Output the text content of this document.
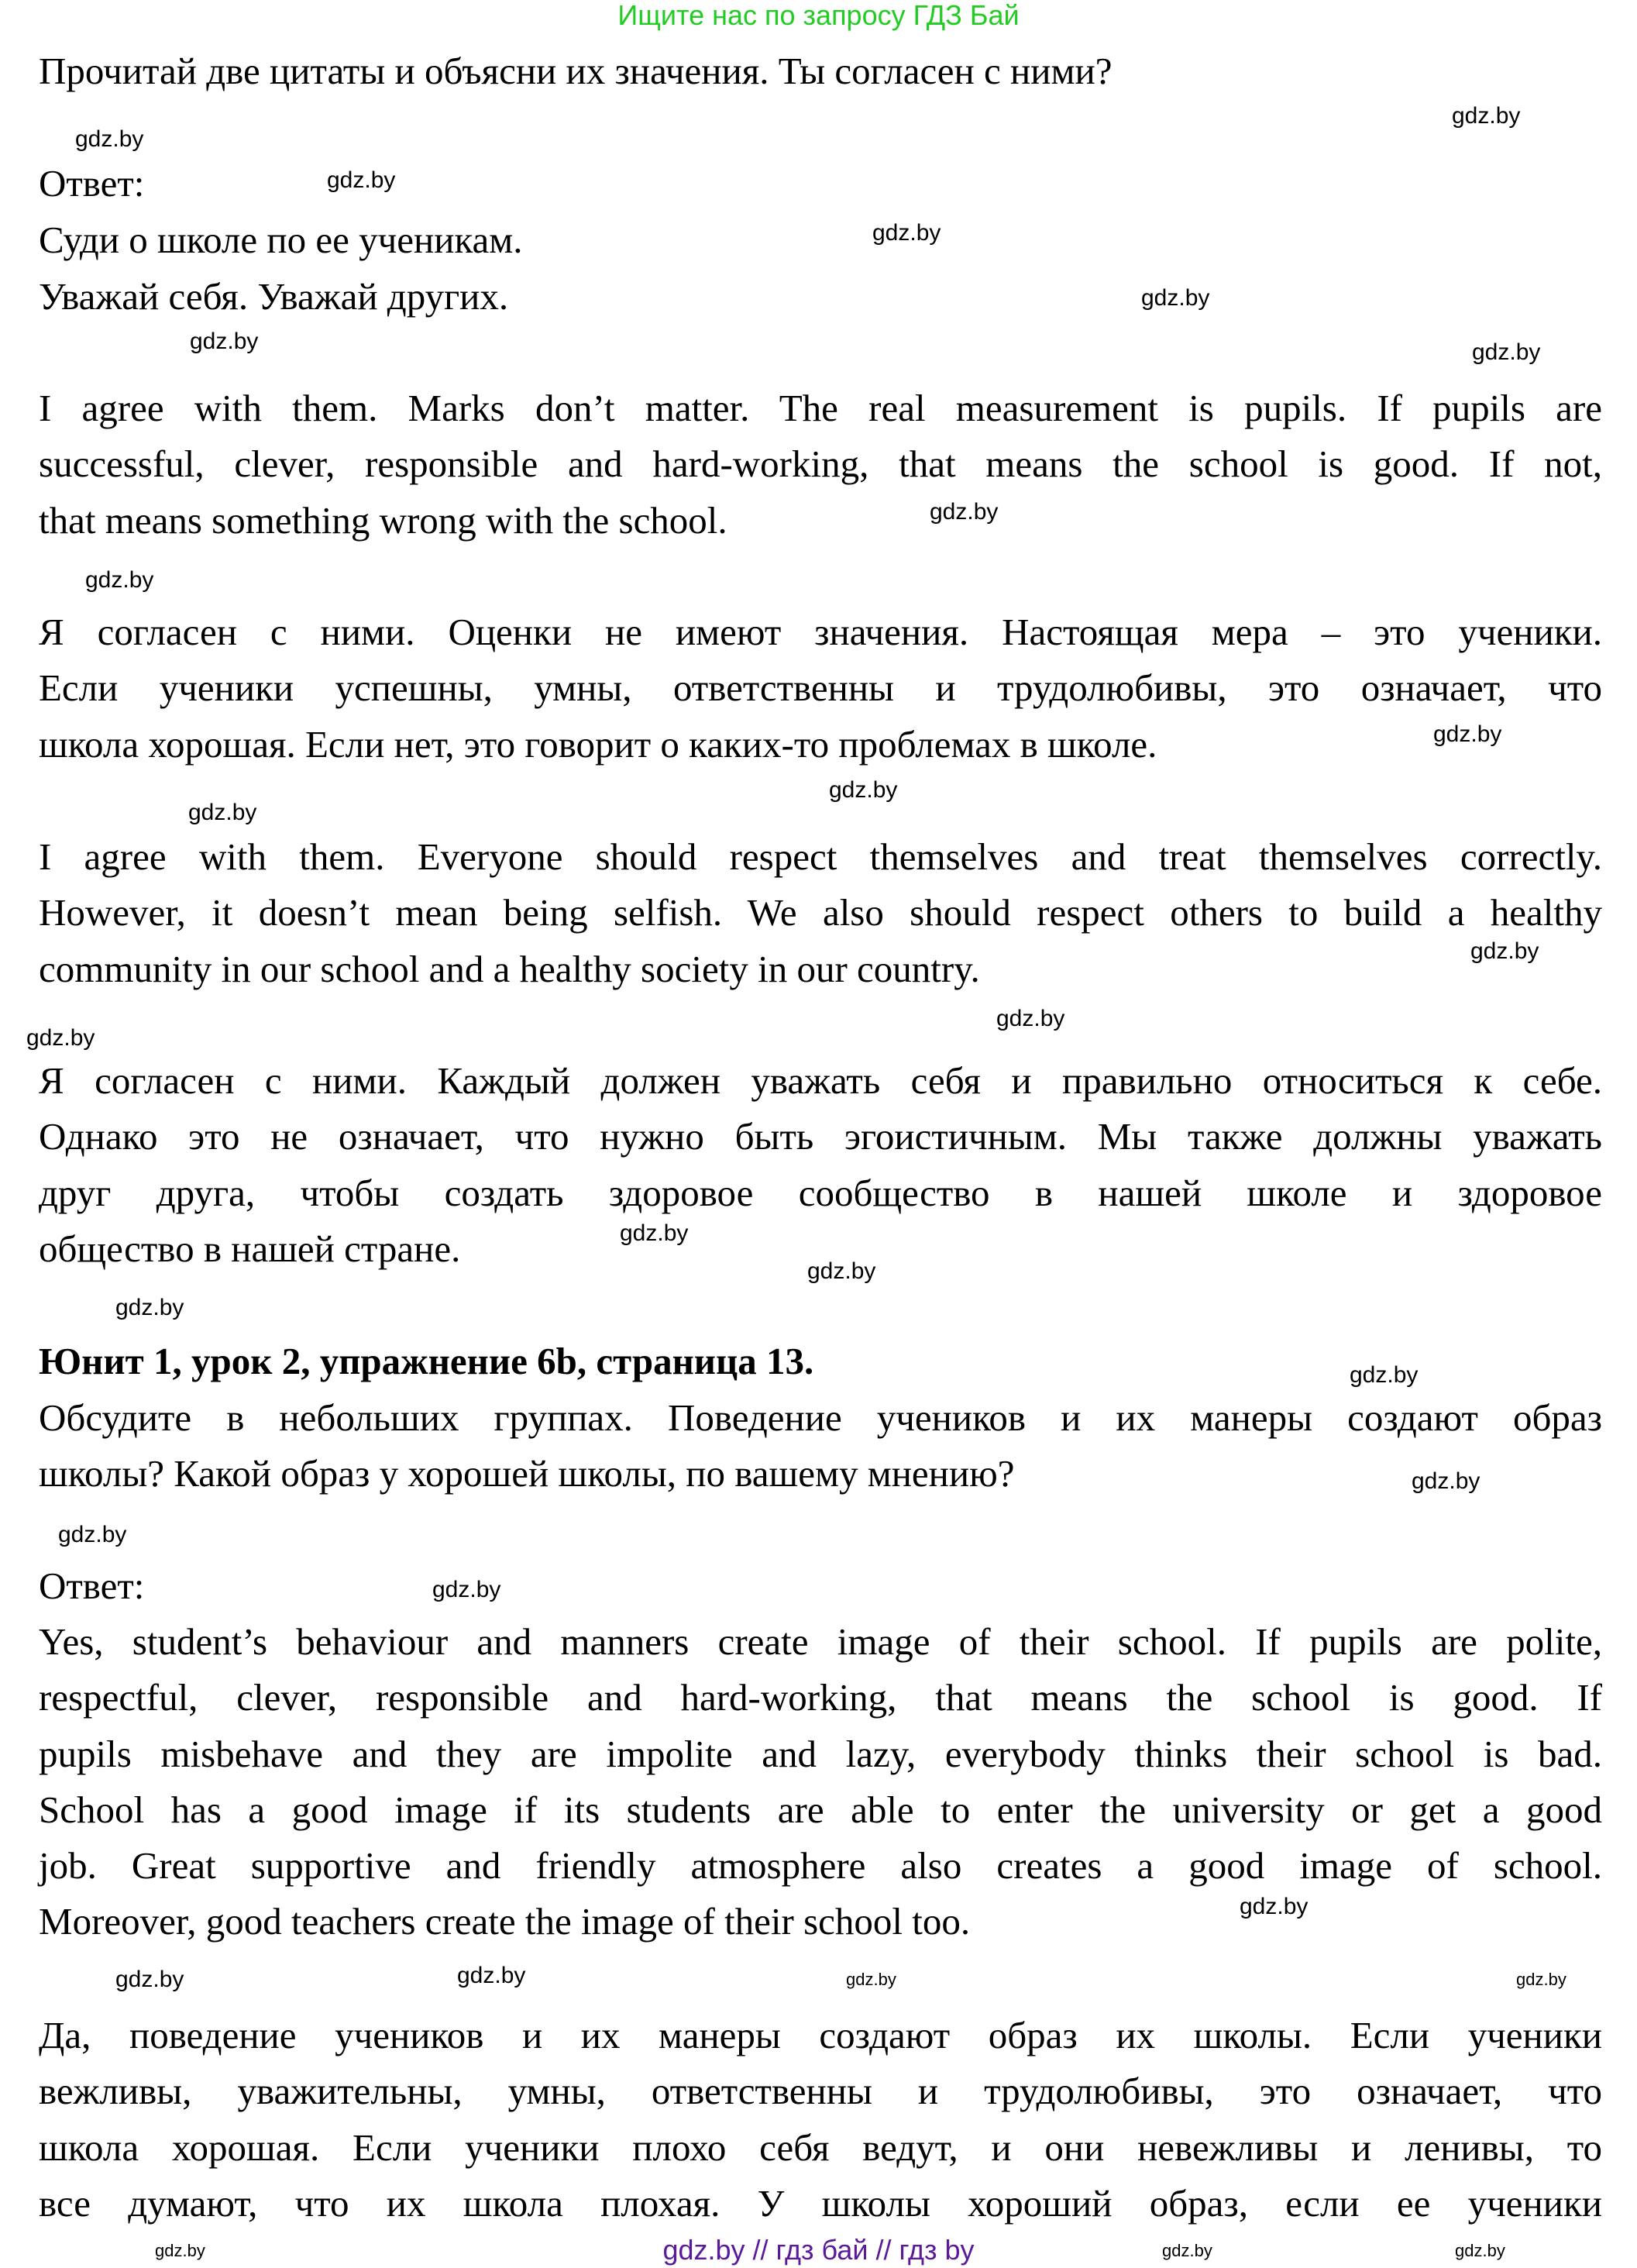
Ищите нас по запросу ГДЗ Бай
Прочитай две цитаты и объясни их значения. Ты согласен с ними?
Ответ:
Суди о школе по ее ученикам.
Уважай себя. Уважай других.
I agree with them. Marks don’t matter. The real measurement is pupils. If pupils are
successful, clever, responsible and hard-working, that means the school is good. If not,
that means something wrong with the school.
Я согласен с ними. Оценки не имеют значения. Настоящая мера – это ученики.
Если ученики успешны, умны, ответственны и трудолюбивы, это означает, что
школа хорошая. Если нет, это говорит о каких-то проблемах в школе.
I agree with them. Everyone should respect themselves and treat themselves correctly.
However, it doesn’t mean being selfish. We also should respect others to build a healthy
community in our school and a healthy society in our country.
Я согласен с ними. Каждый должен уважать себя и правильно относиться к себе.
Однако это не означает, что нужно быть эгоистичным. Мы также должны уважать
друг друга, чтобы создать здоровое сообщество в нашей школе и здоровое
общество в нашей стране.
Юнит 1, урок 2, упражнение 6b, страница 13.
Обсудите в небольших группах. Поведение учеников и их манеры создают образ
школы? Какой образ у хорошей школы, по вашему мнению?
Ответ:
Yes, student’s behaviour and manners create image of their school. If pupils are polite,
respectful, clever, responsible and hard-working, that means the school is good. If
pupils misbehave and they are impolite and lazy, everybody thinks their school is bad.
School has a good image if its students are able to enter the university or get a good
job. Great supportive and friendly atmosphere also creates a good image of school.
Moreover, good teachers create the image of their school too.
Да, поведение учеников и их манеры создают образ их школы. Если ученики
вежливы, уважительны, умны, ответственны и трудолюбивы, это означает, что
школа хорошая. Если ученики плохо себя ведут, и они невежливы и ленивы, то
все думают, что их школа плохая. У школы хороший образ, если ее ученики
gdz.by
gdz.by
gdz.by
gdz.by
gdz.by
gdz.by	gdz.by
gdz.by
gdz.by
gdz.by
gdz.by
gdz.by
gdz.by
gdz.by
gdz.by
gdz.by
gdz.by
gdz.by
gdz.by
gdz.by
gdz.by
gdz.by
gdz.by
gdz.by
gdz.by
gdz.by
gdz.by
gdz.by	gdz.by	gdz.by
gdz.by // гдз бай // гдз by
